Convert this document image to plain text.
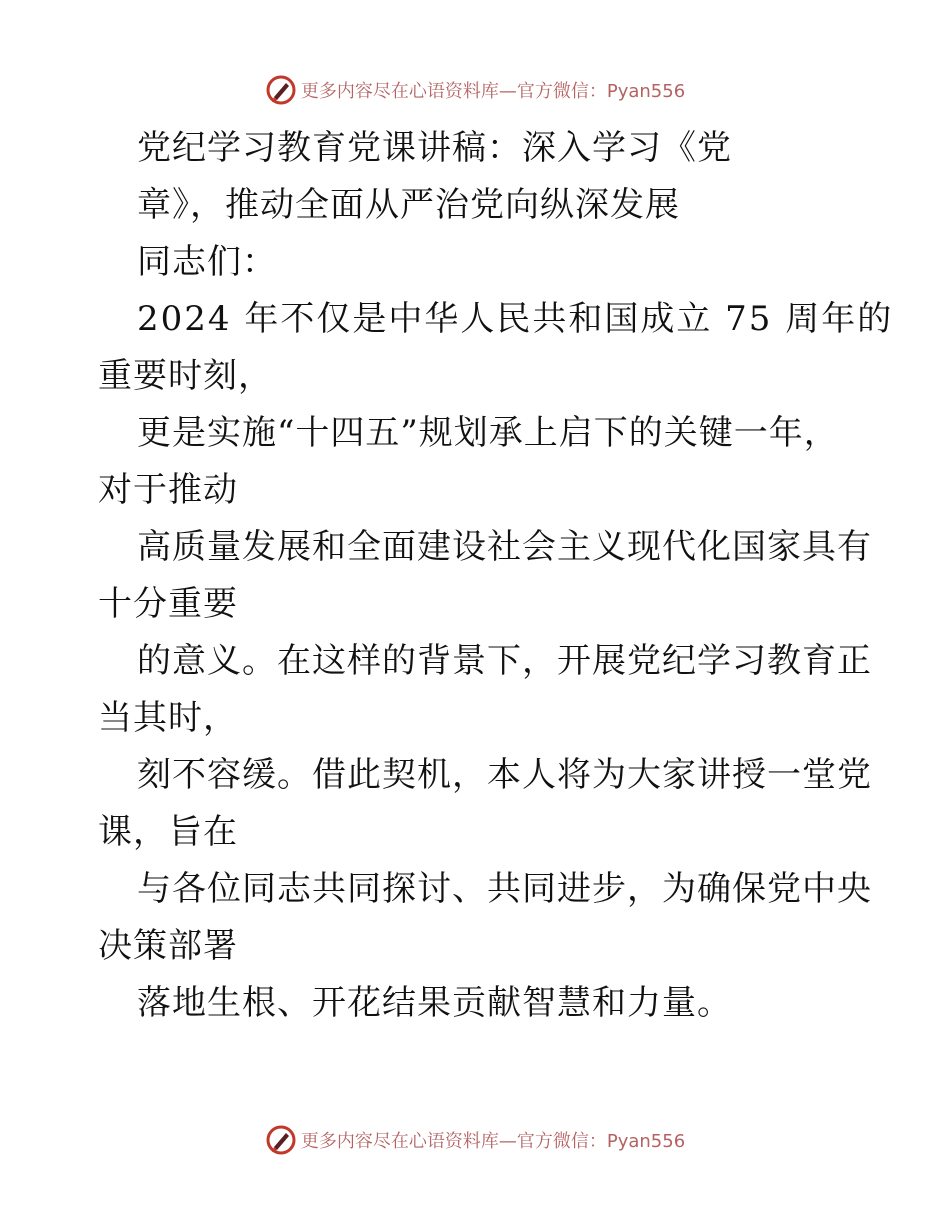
更多内容尽在心语资料库—官方微信：Pyan556
党纪学习教育党课讲稿：深入学习《党
章》，推动全面从严治党向纵深发展
同志们：
2024 年不仅是中华人民共和国成立 75 周年的
重要时刻，
更是实施“十四五”规划承上启下的关键一年，
对于推动
高质量发展和全面建设社会主义现代化国家具有
十分重要
的意义。在这样的背景下，开展党纪学习教育正
当其时，
刻不容缓。借此契机，本人将为大家讲授一堂党
课，旨在
与各位同志共同探讨、共同进步，为确保党中央
决策部署
落地生根、开花结果贡献智慧和力量。
更多内容尽在心语资料库—官方微信：Pyan556
